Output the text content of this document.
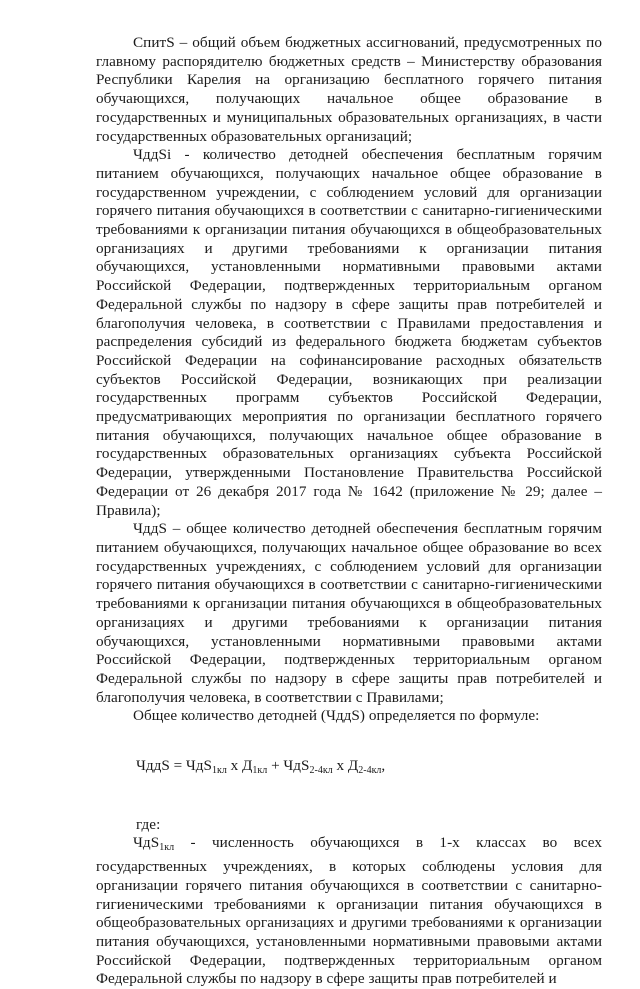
СпитS – общий объем бюджетных ассигнований, предусмотренных по главному распорядителю бюджетных средств – Министерству образования Республики Карелия на организацию бесплатного горячего питания обучающихся, получающих начальное общее образование в государственных и муниципальных образовательных организациях, в части государственных образовательных организаций;

ЧддSi - количество детодней обеспечения бесплатным горячим питанием обучающихся, получающих начальное общее образование в государственном учреждении, с соблюдением условий для организации горячего питания обучающихся в соответствии с санитарно-гигиеническими требованиями к организации питания обучающихся в общеобразовательных организациях и другими требованиями к организации питания обучающихся, установленными нормативными правовыми актами Российской Федерации, подтвержденных территориальным органом Федеральной службы по надзору в сфере защиты прав потребителей и благополучия человека, в соответствии с Правилами предоставления и распределения субсидий из федерального бюджета бюджетам субъектов Российской Федерации на софинансирование расходных обязательств субъектов Российской Федерации, возникающих при реализации государственных программ субъектов Российской Федерации, предусматривающих мероприятия по организации бесплатного горячего питания обучающихся, получающих начальное общее образование в государственных образовательных организациях субъекта Российской Федерации, утвержденными Постановление Правительства Российской Федерации от 26 декабря 2017 года № 1642 (приложение № 29; далее – Правила);

ЧддS – общее количество детодней обеспечения бесплатным горячим питанием обучающихся, получающих начальное общее образование во всех государственных учреждениях, с соблюдением условий для организации горячего питания обучающихся в соответствии с санитарно-гигиеническими требованиями к организации питания обучающихся в общеобразовательных организациях и другими требованиями к организации питания обучающихся, установленными нормативными правовыми актами Российской Федерации, подтвержденных территориальным органом Федеральной службы по надзору в сфере защиты прав потребителей и благополучия человека, в соответствии с Правилами;

Общее количество детодней (ЧддS) определяется по формуле:

ЧддS = ЧдS$_{1кл}$ х $Д_{1кл} + ЧдS_{2-4кл}$ х $Д_{2-4кл}$,

где:

ЧдS1кл - численность обучающихся в 1-х классах во всех государственных учреждениях, в которых соблюдены условия для организации горячего питания обучающихся в соответствии с санитарно-гигиеническими требованиями к организации питания обучающихся в общеобразовательных организациях и другими требованиями к организации питания обучающихся, установленными нормативными правовыми актами Российской Федерации, подтвержденных территориальным органом Федеральной службы по надзору в сфере защиты прав потребителей и
